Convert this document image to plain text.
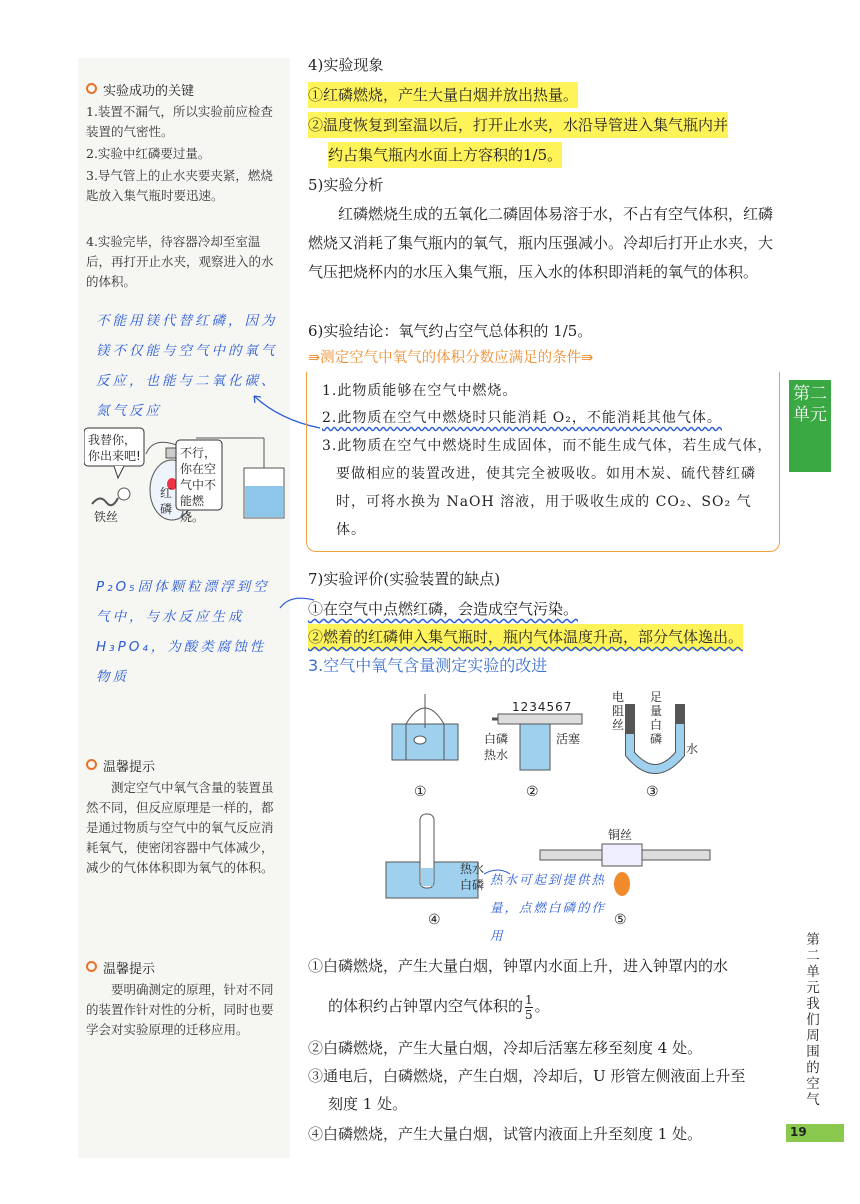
实验成功的关键
1.装置不漏气，所以实验前应检查装置的气密性。
2.实验中红磷要过量。
3.导气管上的止水夹要夹紧，燃烧匙放入集气瓶时要迅速。
4.实验完毕，待容器冷却至室温后，再打开止水夹，观察进入的水的体积。
不能用镁代替红磷，因为镁不仅能与空气中的氧气反应，也能与二氧化碳、氮气反应
我替你，你出来吧!	不行，你在空气中不能燃烧。
铁丝
红
磷
P₂O₅固体颗粒漂浮到空气中，与水反应生成H₃PO₄，为酸类腐蚀性物质
温馨提示
测定空气中氧气含量的装置虽然不同，但反应原理是一样的，都是通过物质与空气中的氧气反应消耗氧气，使密闭容器中气体减少，减少的气体体积即为氧气的体积。
温馨提示
要明确测定的原理，针对不同的装置作针对性的分析，同时也要学会对实验原理的迁移应用。
4)实验现象
①红磷燃烧，产生大量白烟并放出热量。
②温度恢复到室温以后，打开止水夹，水沿导管进入集气瓶内并
约占集气瓶内水面上方容积的1/5。
5)实验分析
红磷燃烧生成的五氧化二磷固体易溶于水，不占有空气体积，红磷燃烧又消耗了集气瓶内的氧气，瓶内压强减小。冷却后打开止水夹，大气压把烧杯内的水压入集气瓶，压入水的体积即消耗的氧气的体积。
6)实验结论：氧气约占空气总体积的 1/5。
⇛测定空气中氧气的体积分数应满足的条件⇛
1.此物质能够在空气中燃烧。
2.此物质在空气中燃烧时只能消耗 O₂，不能消耗其他气体。
3.此物质在空气中燃烧时生成固体，而不能生成气体，若生成气体，要做相应的装置改进，使其完全被吸收。如用木炭、硫代替红磷时，可将水换为 NaOH 溶液，用于吸收生成的 CO₂、SO₂ 气体。
7)实验评价(实验装置的缺点)
①在空气中点燃红磷，会造成空气污染。
②燃着的红磷伸入集气瓶时，瓶内气体温度升高，部分气体逸出。
3.空气中氧气含量测定实验的改进
1234567
白磷
热水
活塞
电
阻
丝
足
量
白
磷
水
铜丝
热水
白磷 热水可起到提供热量，点燃白磷的作用
①	②	③
④	⑤
①白磷燃烧，产生大量白烟，钟罩内水面上升，进入钟罩内的水
的体积约占钟罩内空气体积的 $\frac{1}{5}$ 。
②白磷燃烧，产生大量白烟，冷却后活塞左移至刻度 4 处。
③通电后，白磷燃烧，产生白烟，冷却后，U 形管左侧液面上升至
刻度 1 处。
④白磷燃烧，产生大量白烟，试管内液面上升至刻度 1 处。
第二
单元
第二单元　我们周围的空气
19
